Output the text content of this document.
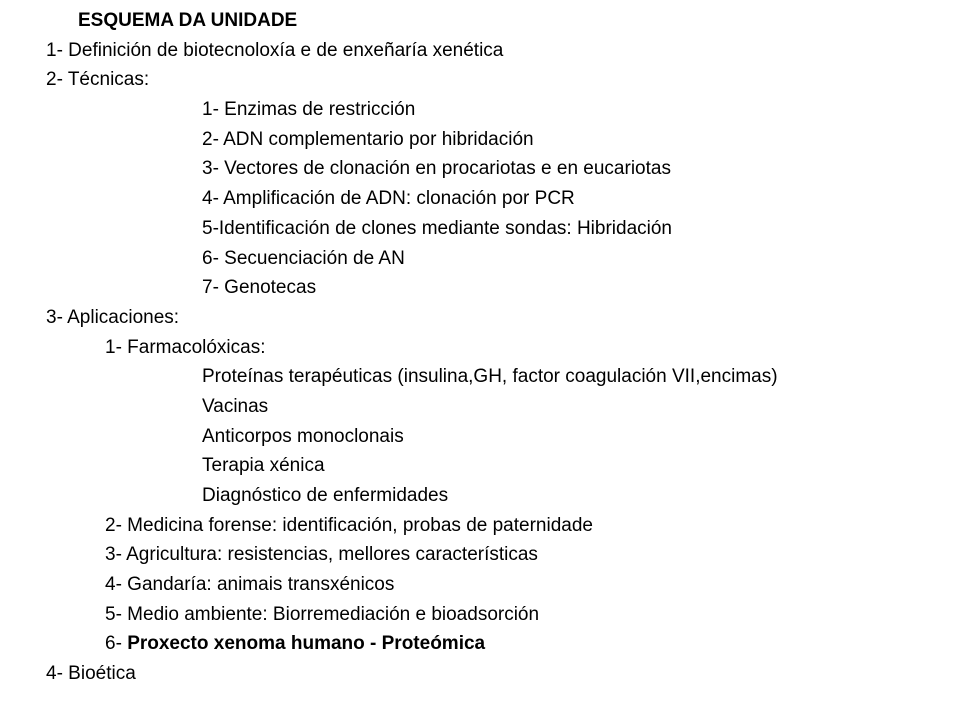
ESQUEMA DA UNIDADE
1- Definición de biotecnoloxía e de enxeñaría xenética
2- Técnicas:
1- Enzimas de restricción
2- ADN complementario por hibridación
3- Vectores de clonación en procariotas e en eucariotas
4- Amplificación de ADN: clonación por PCR
5-Identificación de clones mediante sondas: Hibridación
6- Secuenciación de AN
7- Genotecas
3- Aplicaciones:
1- Farmacolóxicas:
Proteínas terapéuticas (insulina,GH, factor coagulación VII,encimas)
Vacinas
Anticorpos monoclonais
Terapia xénica
Diagnóstico de enfermidades
2- Medicina forense: identificación, probas de paternidade
3- Agricultura: resistencias, mellores características
4- Gandaría: animais transxénicos
5- Medio ambiente: Biorremediación e bioadsorción
6- Proxecto xenoma humano - Proteómica
4- Bioética
